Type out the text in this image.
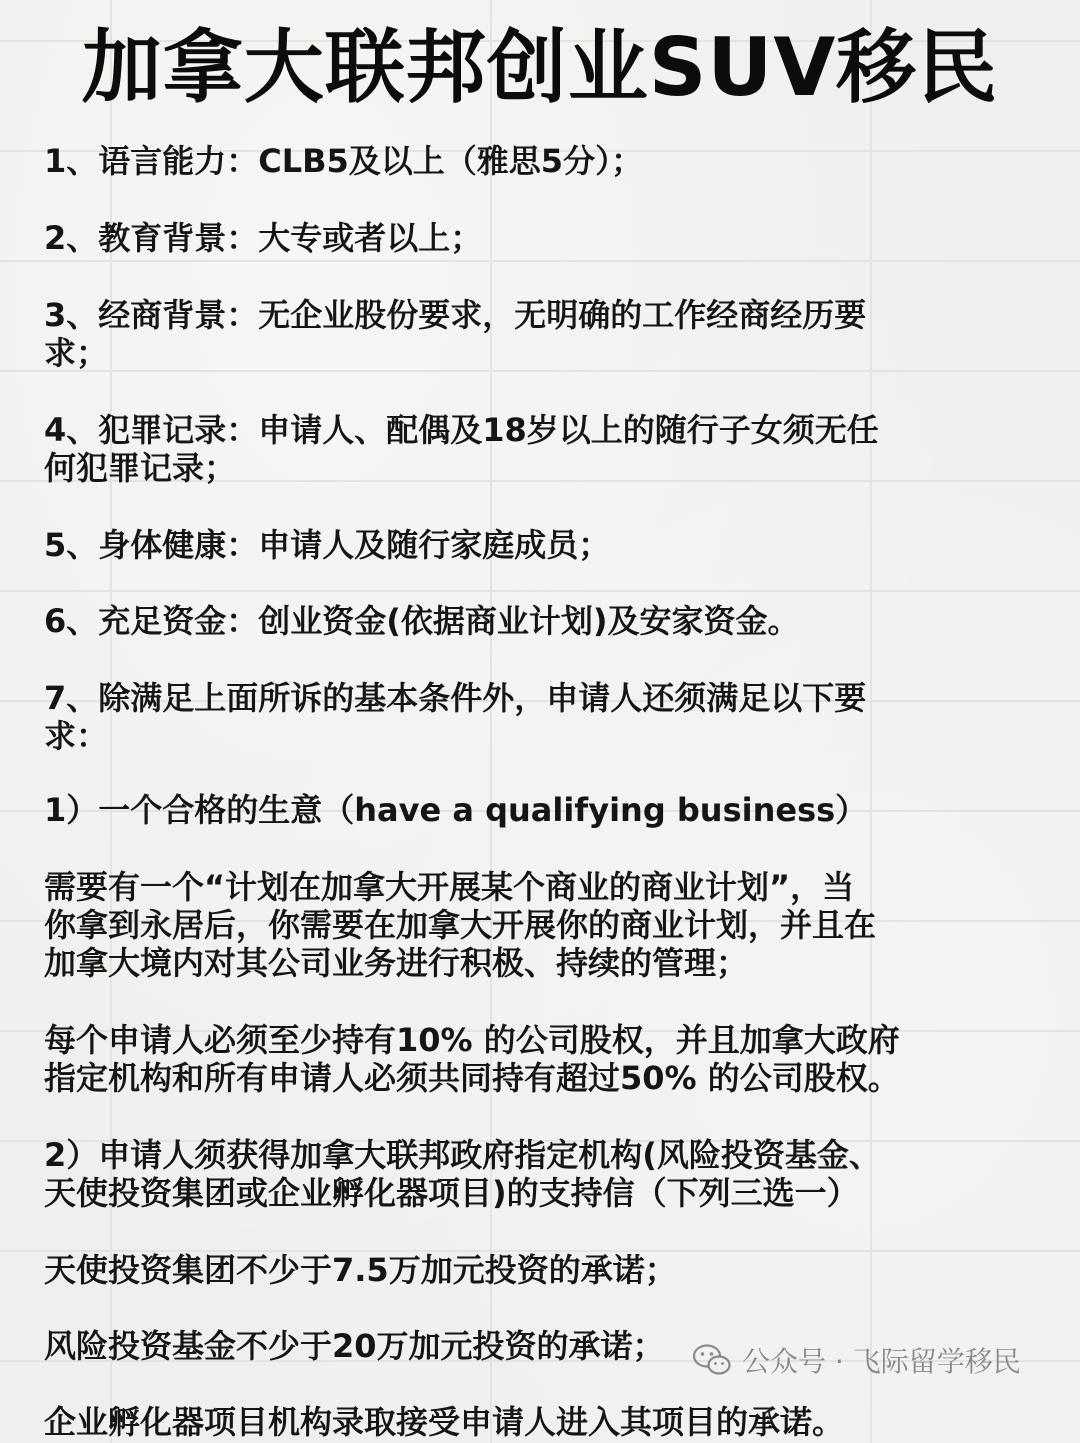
加拿大联邦创业SUV移民
1、语言能力：CLB5及以上（雅思5分）；
2、教育背景：大专或者以上；
3、经商背景：无企业股份要求，无明确的工作经商经历要
求；
4、犯罪记录：申请人、配偶及18岁以上的随行子女须无任
何犯罪记录；
5、身体健康：申请人及随行家庭成员；
6、充足资金：创业资金(依据商业计划)及安家资金。
7、除满足上面所诉的基本条件外，申请人还须满足以下要
求：
1）一个合格的生意（have a qualifying business）
需要有一个“计划在加拿大开展某个商业的商业计划”，当
你拿到永居后，你需要在加拿大开展你的商业计划，并且在
加拿大境内对其公司业务进行积极、持续的管理；
每个申请人必须至少持有10% 的公司股权，并且加拿大政府
指定机构和所有申请人必须共同持有超过50% 的公司股权。
2）申请人须获得加拿大联邦政府指定机构(风险投资基金、
天使投资集团或企业孵化器项目)的支持信（下列三选一）
天使投资集团不少于7.5万加元投资的承诺；
风险投资基金不少于20万加元投资的承诺；
企业孵化器项目机构录取接受申请人进入其项目的承诺。
公众号 · 飞际留学移民
